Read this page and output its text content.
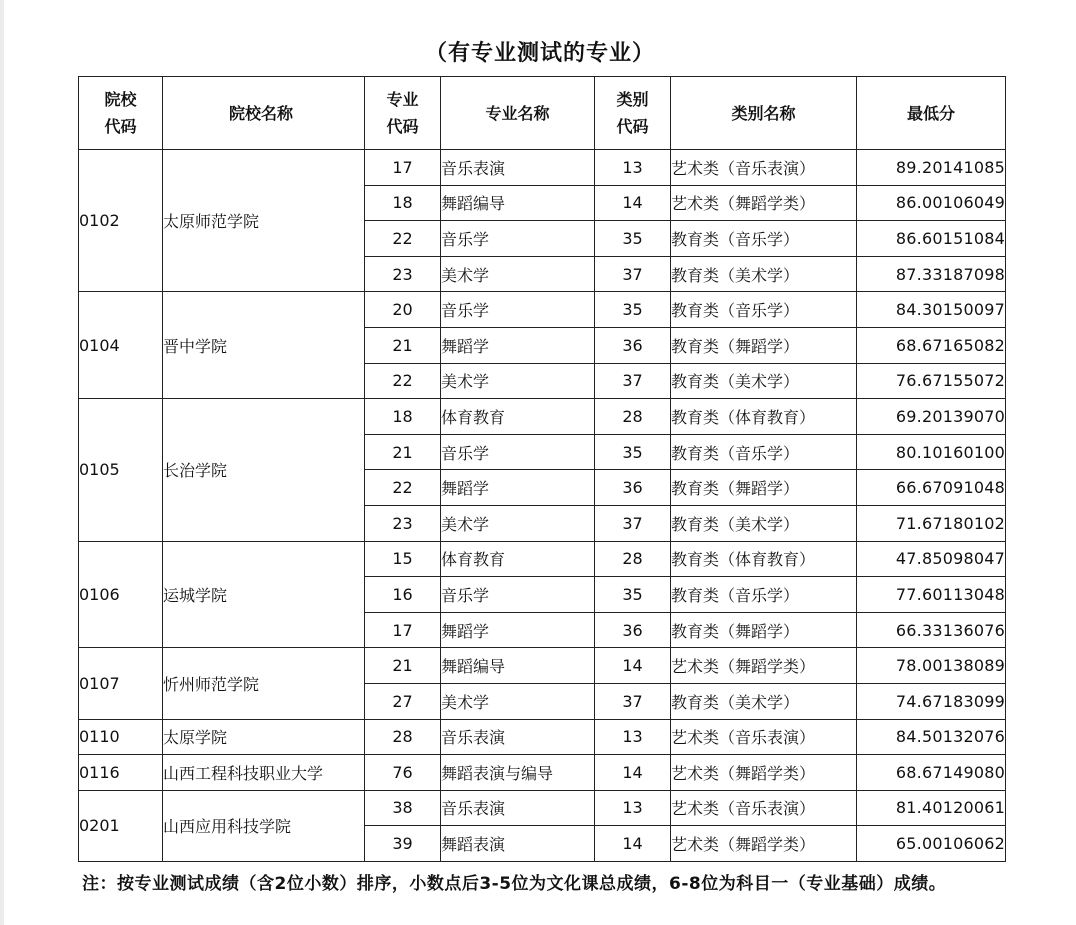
（有专业测试的专业）
院校代码	院校名称	专业代码	专业名称	类别代码	类别名称	最低分
0102	太原师范学院	17	音乐表演	13	艺术类（音乐表演）	89.20141085
		18	舞蹈编导	14	艺术类（舞蹈学类）	86.00106049
		22	音乐学	35	教育类（音乐学）	86.60151084
		23	美术学	37	教育类（美术学）	87.33187098
0104	晋中学院	20	音乐学	35	教育类（音乐学）	84.30150097
		21	舞蹈学	36	教育类（舞蹈学）	68.67165082
		22	美术学	37	教育类（美术学）	76.67155072
0105	长治学院	18	体育教育	28	教育类（体育教育）	69.20139070
		21	音乐学	35	教育类（音乐学）	80.10160100
		22	舞蹈学	36	教育类（舞蹈学）	66.67091048
		23	美术学	37	教育类（美术学）	71.67180102
0106	运城学院	15	体育教育	28	教育类（体育教育）	47.85098047
		16	音乐学	35	教育类（音乐学）	77.60113048
		17	舞蹈学	36	教育类（舞蹈学）	66.33136076
0107	忻州师范学院	21	舞蹈编导	14	艺术类（舞蹈学类）	78.00138089
		27	美术学	37	教育类（美术学）	74.67183099
0110	太原学院	28	音乐表演	13	艺术类（音乐表演）	84.50132076
0116	山西工程科技职业大学	76	舞蹈表演与编导	14	艺术类（舞蹈学类）	68.67149080
0201	山西应用科技学院	38	音乐表演	13	艺术类（音乐表演）	81.40120061
		39	舞蹈表演	14	艺术类（舞蹈学类）	65.00106062
注：按专业测试成绩（含2位小数）排序，小数点后3-5位为文化课总成绩，6-8位为科目一（专业基础）成绩。
